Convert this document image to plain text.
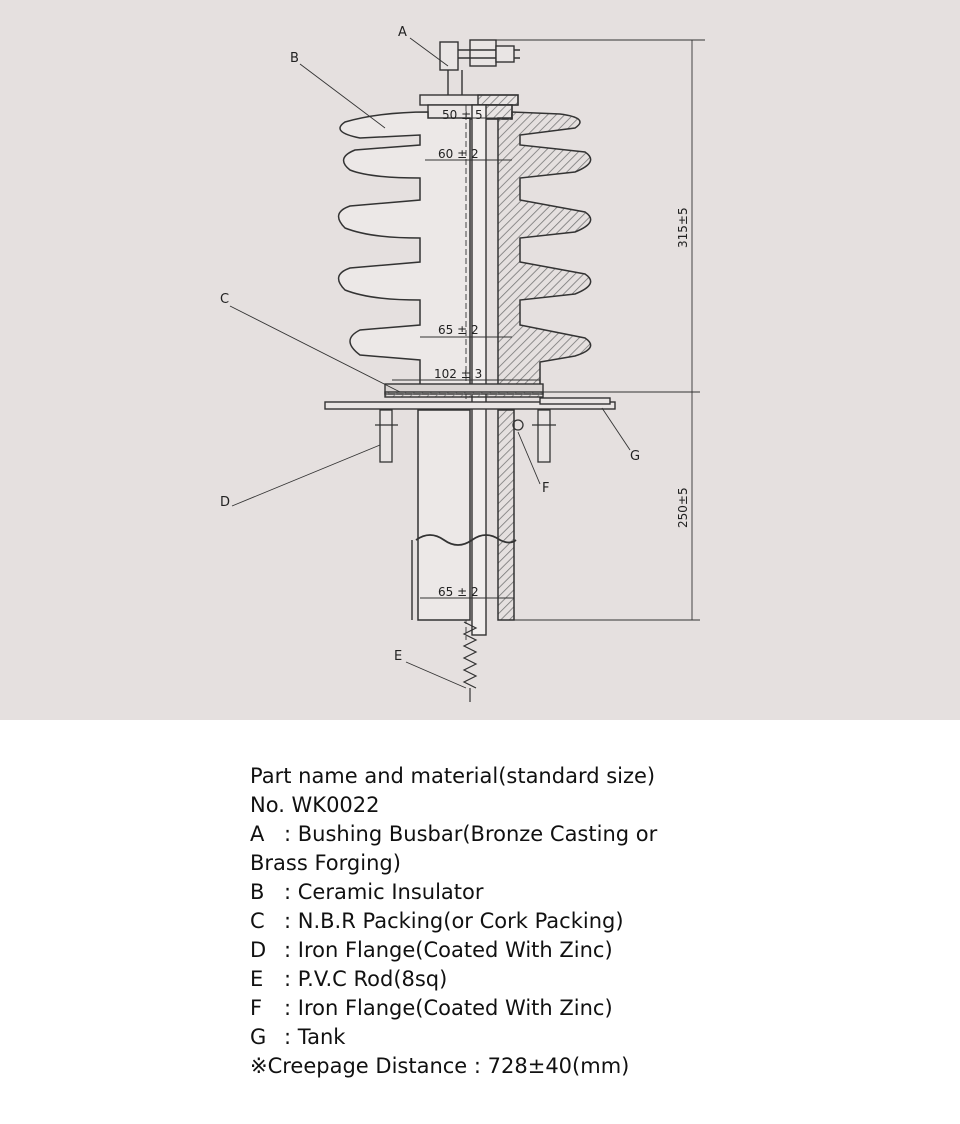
50 ± 5
60 ± 2
65 ± 2
102 ± 3
65 ± 2
315±5
250±5
A
B
C
D
E
F
G
Part name and material(standard size)
No. WK0022
A : Bushing Busbar(Bronze Casting or
Brass Forging)
B : Ceramic Insulator
C : N.B.R Packing(or Cork Packing)
D : Iron Flange(Coated With Zinc)
E : P.V.C Rod(8sq)
F : Iron Flange(Coated With Zinc)
G : Tank
※Creepage Distance : 728±40(mm)
